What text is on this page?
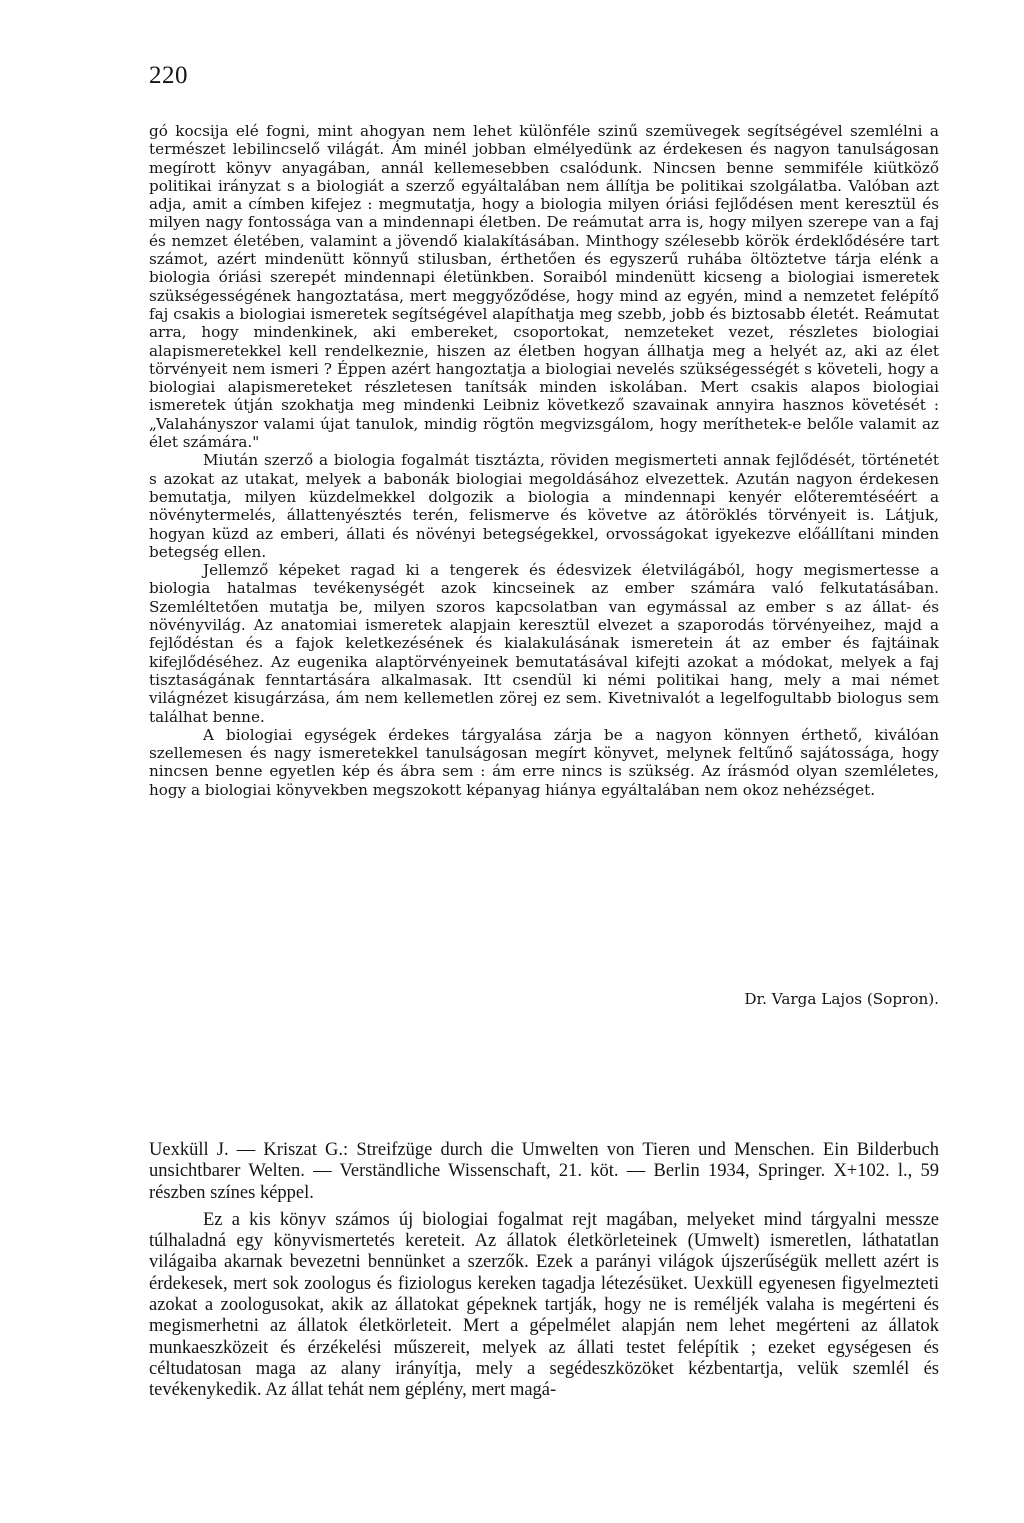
220

gó kocsija elé fogni, mint ahogyan nem lehet különféle szinű szemüvegek segítségével szemlélni a természet lebilincselő világát. Ám minél jobban elmélyedünk az érdekesen és nagyon tanulságosan megírott könyv anyagában, annál kellemesebben csalódunk. Nincsen benne semmiféle kiütköző politikai irányzat s a biologiát a szerző egyáltalában nem állítja be politikai szolgálatba. Valóban azt adja, amit a címben kifejez : megmutatja, hogy a biologia milyen óriási fejlődésen ment keresztül és milyen nagy fontossága van a mindennapi életben. De reámutat arra is, hogy milyen szerepe van a faj és nemzet életében, valamint a jövendő kialakításában. Minthogy szélesebb körök érdeklődésére tart számot, azért mindenütt könnyű stilusban, érthetően és egyszerű ruhába öltöztetve tárja elénk a biologia óriási szerepét mindennapi életünkben. Soraiból mindenütt kicseng a biologiai ismeretek szükségességének hangoztatása, mert meggyőződése, hogy mind az egyén, mind a nemzetet felépítő faj csakis a biologiai ismeretek segítségével alapíthatja meg szebb, jobb és biztosabb életét. Reámutat arra, hogy mindenkinek, aki embereket, csoportokat, nemzeteket vezet, részletes biologiai alapismeretekkel kell rendelkeznie, hiszen az életben hogyan állhatja meg a helyét az, aki az élet törvényeit nem ismeri ? Éppen azért hangoztatja a biologiai nevelés szükségességét s követeli, hogy a biologiai alapismereteket részletesen tanítsák minden iskolában. Mert csakis alapos biologiai ismeretek útján szokhatja meg mindenki Leibniz következő szavainak annyira hasznos követését : „Valahányszor valami újat tanulok, mindig rögtön megvizsgálom, hogy meríthetek-e belőle valamit az élet számára."

Miután szerző a biologia fogalmát tisztázta, röviden megismerteti annak fejlődését, történetét s azokat az utakat, melyek a babonák biologiai megoldásához elvezettek. Azután nagyon érdekesen bemutatja, milyen küzdelmekkel dolgozik a biologia a mindennapi kenyér előteremtéséért a növénytermelés, állattenyésztés terén, felismerve és követve az átöröklés törvényeit is. Látjuk, hogyan küzd az emberi, állati és növényi betegségekkel, orvosságokat igyekezve előállítani minden betegség ellen.

Jellemző képeket ragad ki a tengerek és édesvizek életvilágából, hogy megismertesse a biologia hatalmas tevékenységét azok kincseinek az ember számára való felkutatásában. Szemléltetően mutatja be, milyen szoros kapcsolatban van egymással az ember s az állat- és növényvilág. Az anatomiai ismeretek alapjain keresztül elvezet a szaporodás törvényeihez, majd a fejlődéstan és a fajok keletkezésének és kialakulásának ismeretein át az ember és fajtáinak kifejlődéséhez. Az eugenika alaptörvényeinek bemutatásával kifejti azokat a módokat, melyek a faj tisztaságának fenntartására alkalmasak. Itt csendül ki némi politikai hang, mely a mai német világnézet kisugárzása, ám nem kellemetlen zörej ez sem. Kivetnivalót a legelfogultabb biologus sem találhat benne.

A biologiai egységek érdekes tárgyalása zárja be a nagyon könnyen érthető, kiválóan szellemesen és nagy ismeretekkel tanulságosan megírt könyvet, melynek feltűnő sajátossága, hogy nincsen benne egyetlen kép és ábra sem : ám erre nincs is szükség. Az írásmód olyan szemléletes, hogy a biologiai könyvekben megszokott képanyag hiánya egyáltalában nem okoz nehézséget.

Dr. Varga Lajos (Sopron).

Uexküll J. — Kriszat G.: Streifzüge durch die Umwelten von Tieren und Menschen. Ein Bilderbuch unsichtbarer Welten. — Verständliche Wissenschaft, 21. köt. — Berlin 1934, Springer. X+102. l., 59 részben színes képpel.

Ez a kis könyv számos új biologiai fogalmat rejt magában, melyeket mind tárgyalni messze túlhaladná egy könyvismertetés kereteit. Az állatok életkörleteinek (Umwelt) ismeretlen, láthatatlan világaiba akarnak bevezetni bennünket a szerzők. Ezek a parányi világok újszerűségük mellett azért is érdekesek, mert sok zoologus és fiziologus kereken tagadja létezésüket. Uexküll egyenesen figyelmezteti azokat a zoologusokat, akik az állatokat gépeknek tartják, hogy ne is reméljék valaha is megérteni és megismerhetni az állatok életkörleteit. Mert a gépelmélet alapján nem lehet megérteni az állatok munkaeszközeit és érzékelési műszereit, melyek az állati testet felépítik ; ezeket egységesen és céltudatosan maga az alany irányítja, mely a segédeszközöket kézbentartja, velük szemlél és tevékenykedik. Az állat tehát nem géplény, mert magá-
